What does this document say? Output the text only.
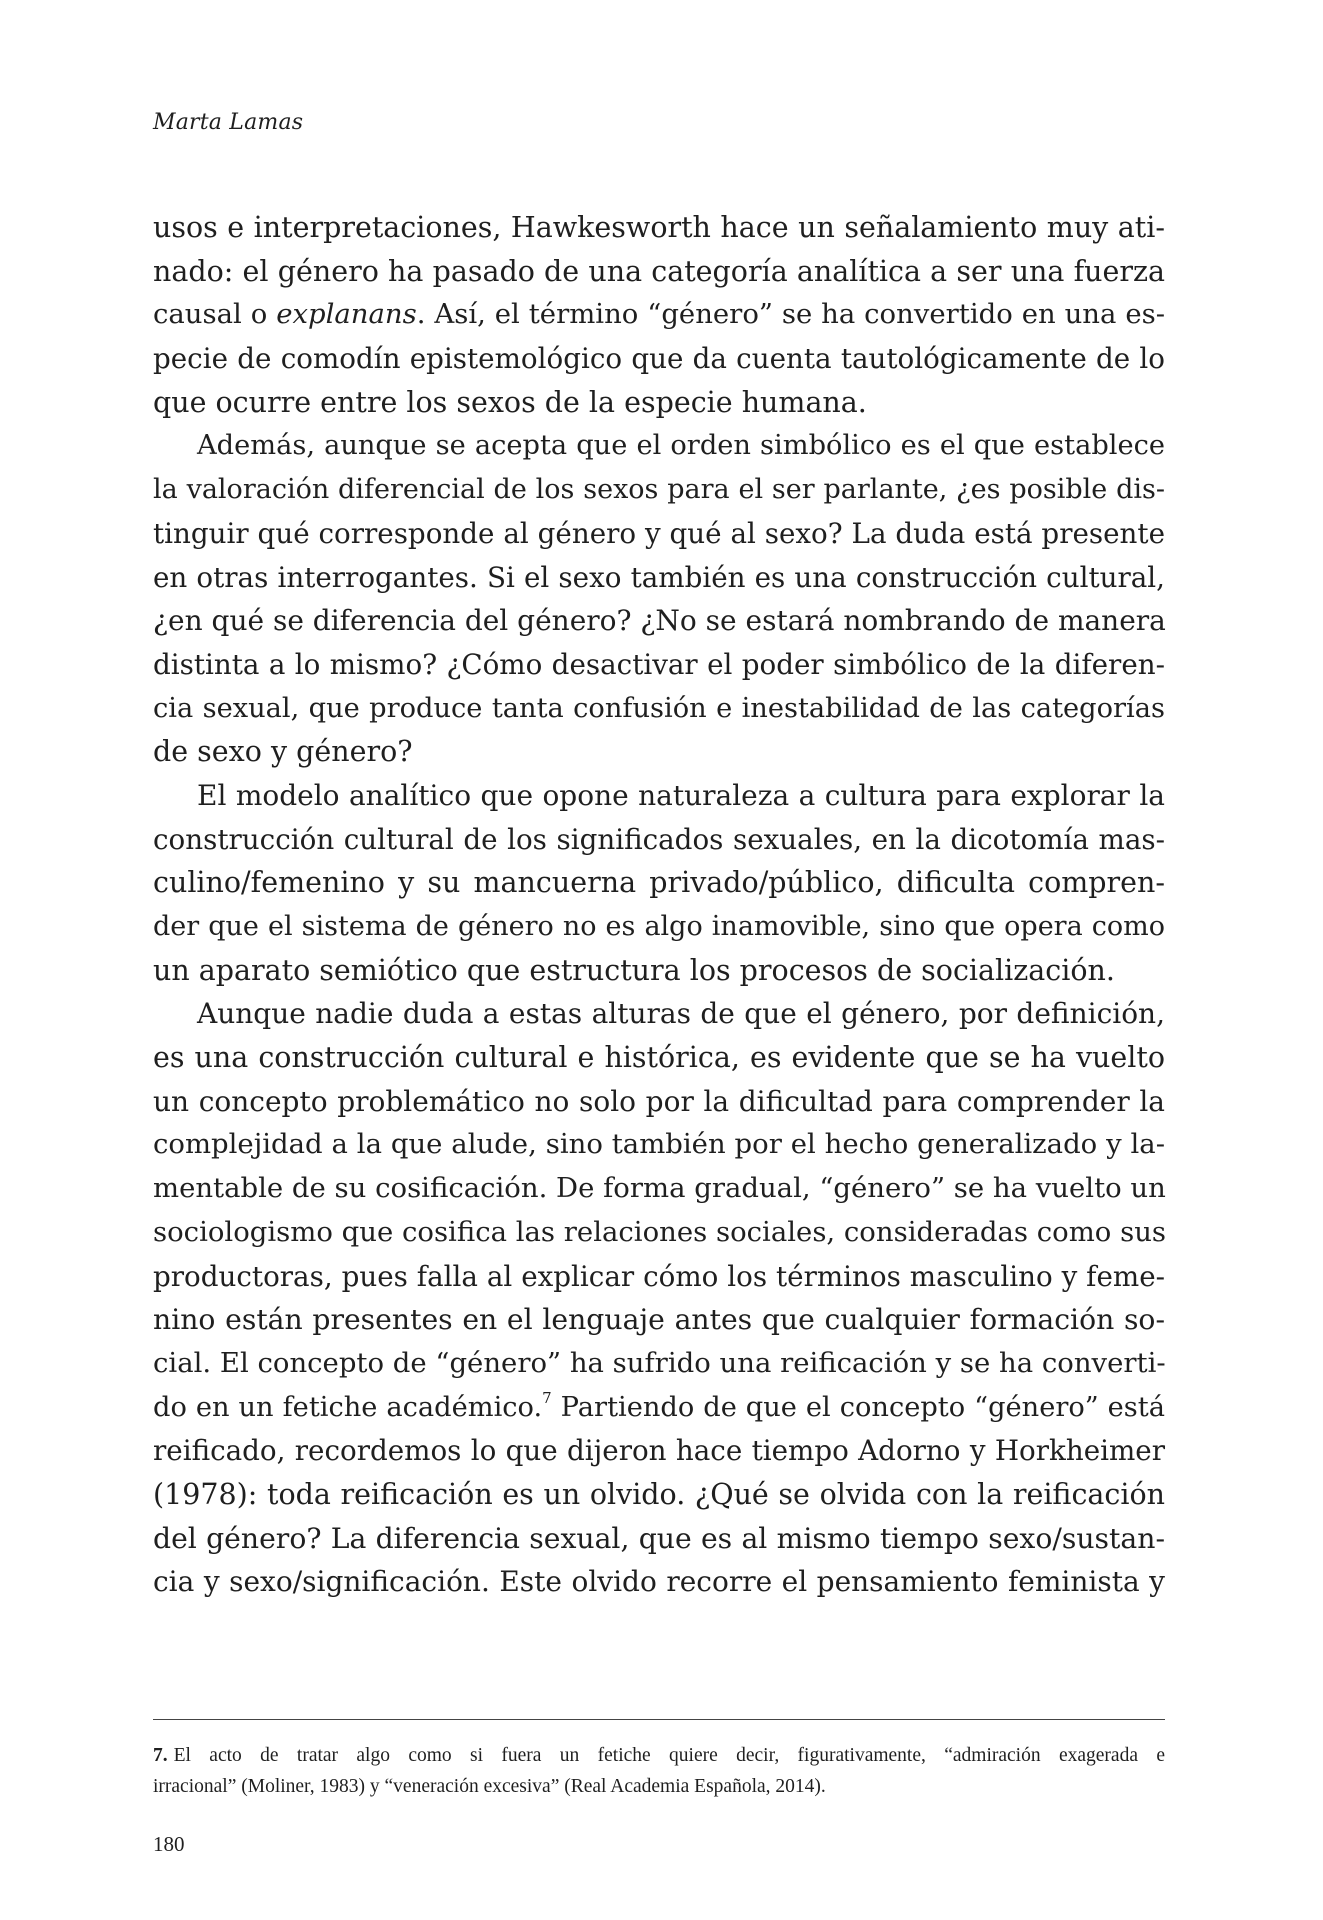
Marta Lamas
usos e interpretaciones, Hawkesworth hace un señalamiento muy ati-
nado: el género ha pasado de una categoría analítica a ser una fuerza
causal o explanans. Así, el término “género” se ha convertido en una es-
pecie de comodín epistemológico que da cuenta tautológicamente de lo
que ocurre entre los sexos de la especie humana.
Además, aunque se acepta que el orden simbólico es el que establece
la valoración diferencial de los sexos para el ser parlante, ¿es posible dis-
tinguir qué corresponde al género y qué al sexo? La duda está presente
en otras interrogantes. Si el sexo también es una construcción cultural,
¿en qué se diferencia del género? ¿No se estará nombrando de manera
distinta a lo mismo? ¿Cómo desactivar el poder simbólico de la diferen-
cia sexual, que produce tanta confusión e inestabilidad de las categorías
de sexo y género?
El modelo analítico que opone naturaleza a cultura para explorar la
construcción cultural de los significados sexuales, en la dicotomía mas-
culino/femenino y su mancuerna privado/público, dificulta compren-
der que el sistema de género no es algo inamovible, sino que opera como
un aparato semiótico que estructura los procesos de socialización.
Aunque nadie duda a estas alturas de que el género, por definición,
es una construcción cultural e histórica, es evidente que se ha vuelto
un concepto problemático no solo por la dificultad para comprender la
complejidad a la que alude, sino también por el hecho generalizado y la-
mentable de su cosificación. De forma gradual, “género” se ha vuelto un
sociologismo que cosifica las relaciones sociales, consideradas como sus
productoras, pues falla al explicar cómo los términos masculino y feme-
nino están presentes en el lenguaje antes que cualquier formación so-
cial. El concepto de “género” ha sufrido una reificación y se ha converti-
do en un fetiche académico.$^7$ Partiendo de que el concepto “género” está
reificado, recordemos lo que dijeron hace tiempo Adorno y Horkheimer
(1978): toda reificación es un olvido. ¿Qué se olvida con la reificación
del género? La diferencia sexual, que es al mismo tiempo sexo/sustan-
cia y sexo/significación. Este olvido recorre el pensamiento feminista y
7. El acto de tratar algo como si fuera un fetiche quiere decir, figurativamente, “admiración exagerada e
irracional” (Moliner, 1983) y “veneración excesiva” (Real Academia Española, 2014).
180
